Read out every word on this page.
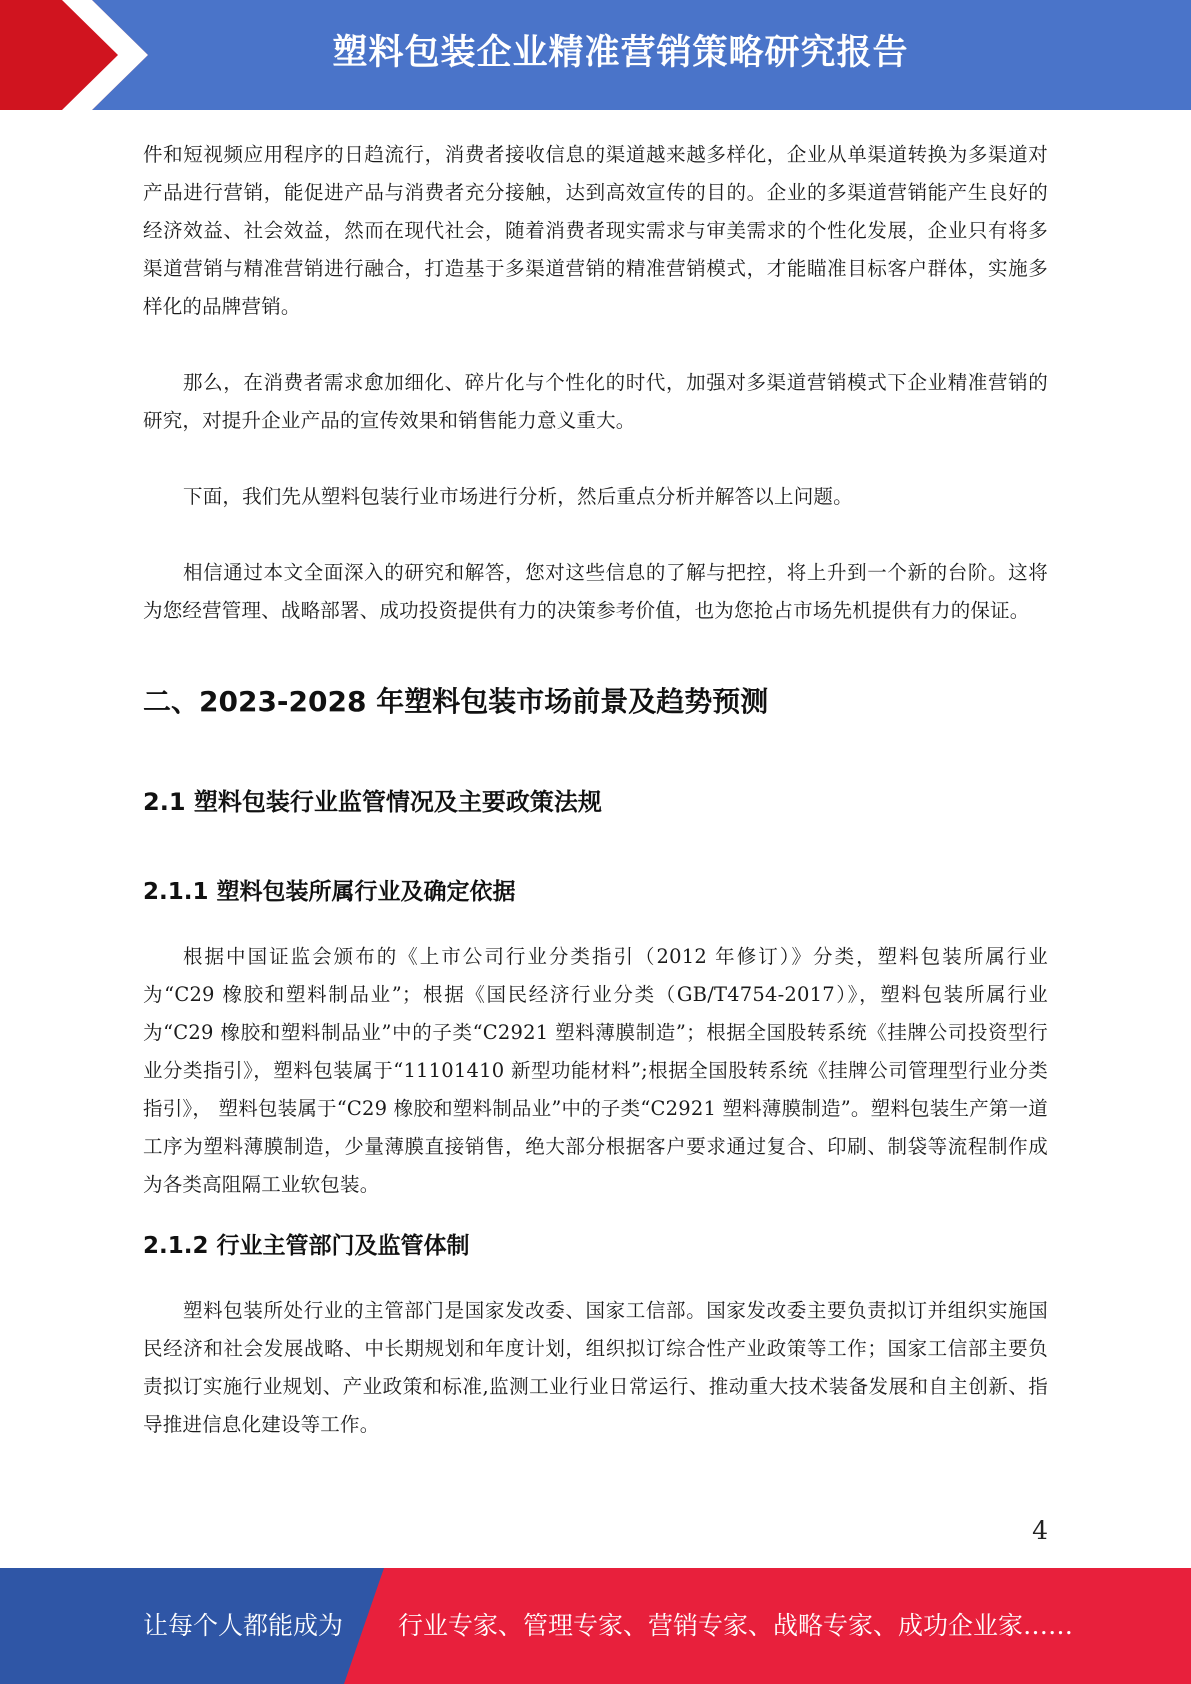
塑料包装企业精准营销策略研究报告

件和短视频应用程序的日趋流行，消费者接收信息的渠道越来越多样化，企业从单渠道转换为多渠道对产品进行营销，能促进产品与消费者充分接触，达到高效宣传的目的。企业的多渠道营销能产生良好的经济效益、社会效益，然而在现代社会，随着消费者现实需求与审美需求的个性化发展，企业只有将多渠道营销与精准营销进行融合，打造基于多渠道营销的精准营销模式，才能瞄准目标客户群体，实施多样化的品牌营销。

那么，在消费者需求愈加细化、碎片化与个性化的时代，加强对多渠道营销模式下企业精准营销的研究，对提升企业产品的宣传效果和销售能力意义重大。

下面，我们先从塑料包装行业市场进行分析，然后重点分析并解答以上问题。

相信通过本文全面深入的研究和解答，您对这些信息的了解与把控，将上升到一个新的台阶。这将为您经营管理、战略部署、成功投资提供有力的决策参考价值，也为您抢占市场先机提供有力的保证。

二、2023-2028 年塑料包装市场前景及趋势预测
2.1 塑料包装行业监管情况及主要政策法规
2.1.1 塑料包装所属行业及确定依据

根据中国证监会颁布的《上市公司行业分类指引（2012 年修订）》分类，塑料包装所属行业为“C29 橡胶和塑料制品业”；根据《国民经济行业分类（GB/T4754-2017）》，塑料包装所属行业为“C29 橡胶和塑料制品业”中的子类“C2921 塑料薄膜制造”；根据全国股转系统《挂牌公司投资型行业分类指引》，塑料包装属于“11101410 新型功能材料”;根据全国股转系统《挂牌公司管理型行业分类指引》， 塑料包装属于“C29 橡胶和塑料制品业”中的子类“C2921 塑料薄膜制造”。塑料包装生产第一道工序为塑料薄膜制造，少量薄膜直接销售，绝大部分根据客户要求通过复合、印刷、制袋等流程制作成为各类高阻隔工业软包装。

2.1.2 行业主管部门及监管体制

塑料包装所处行业的主管部门是国家发改委、国家工信部。国家发改委主要负责拟订并组织实施国民经济和社会发展战略、中长期规划和年度计划，组织拟订综合性产业政策等工作；国家工信部主要负责拟订实施行业规划、产业政策和标准,监测工业行业日常运行、推动重大技术装备发展和自主创新、指导推进信息化建设等工作。

4
让每个人都能成为 行业专家、管理专家、营销专家、战略专家、成功企业家……
